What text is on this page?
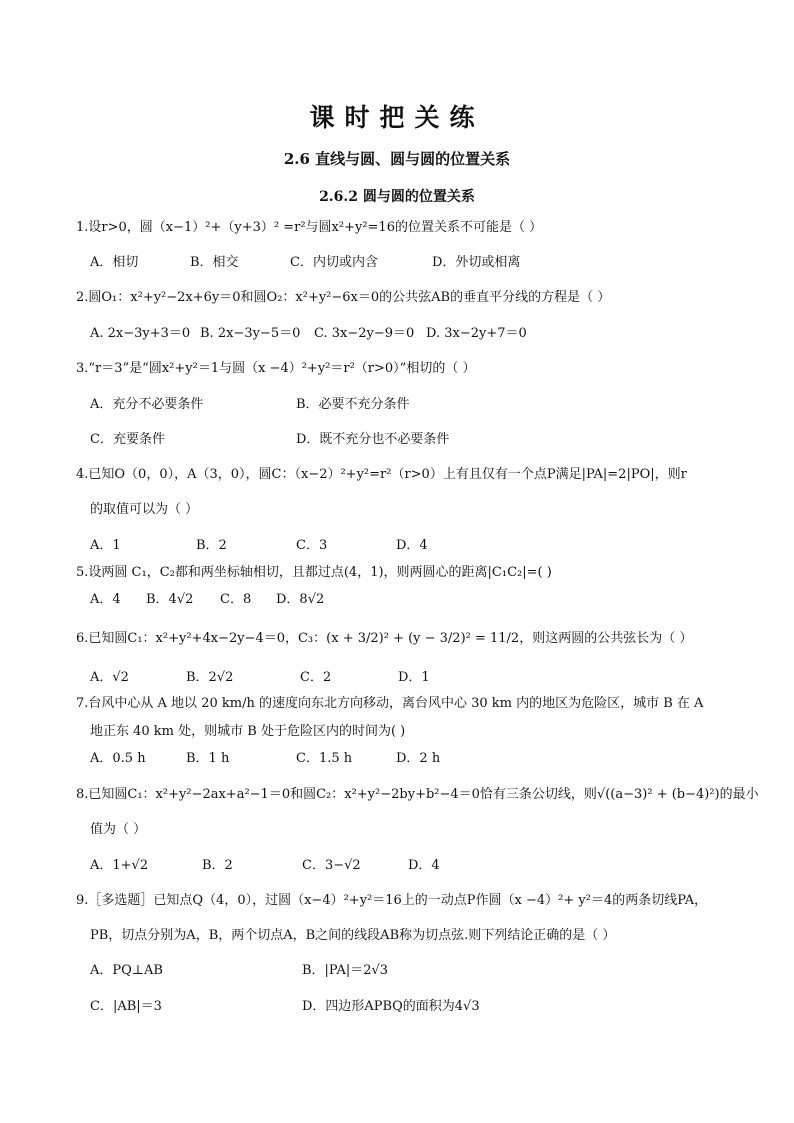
课时把关练
2.6 直线与圆、圆与圆的位置关系
2.6.2 圆与圆的位置关系
1.设r>0，圆（x−1）²+（y+3）² =r²与圆x²+y²=16的位置关系不可能是（ ）
A．相切	B．相交	C．内切或内含	D．外切或相离
2.圆O₁：x²+y²−2x+6y＝0和圆O₂：x²+y²−6x＝0的公共弦AB的垂直平分线的方程是（ ）
A. 2x−3y+3＝0 B. 2x−3y−5＝0 C. 3x−2y−9＝0 D. 3x−2y+7＝0
3.“r＝3”是“圆x²+y²＝1与圆（x −4）²+y²＝r²（r>0）”相切的（ ）
A．充分不必要条件	B．必要不充分条件
C．充要条件	D．既不充分也不必要条件
4.已知O（0，0），A（3，0），圆C：（x−2）²+y²=r²（r>0）上有且仅有一个点P满足|PA|=2|PO|，则r
的取值可以为（ ）
A．1	B．2	C．3	D．4
5.设两圆 C₁，C₂都和两坐标轴相切，且都过点(4，1)，则两圆心的距离|C₁C₂|=( )
A．4 B．4√2 C．8 D．8√2
6.已知圆C₁：x²+y²+4x−2y−4＝0，C₃：(x + 3/2)² + (y − 3/2)² = 11/2，则这两圆的公共弦长为（ ）
A．√2	B．2√2	C．2	D．1
7.台风中心从 A 地以 20 km/h 的速度向东北方向移动，离台风中心 30 km 内的地区为危险区，城市 B 在 A
地正东 40 km 处，则城市 B 处于危险区内的时间为( )
A．0.5 h	B．1 h	C．1.5 h	D．2 h
8.已知圆C₁：x²+y²−2ax+a²−1＝0和圆C₂：x²+y²−2by+b²−4＝0恰有三条公切线，则√((a−3)² + (b−4)²)的最小
值为（ ）
A．1+√2	B．2	C．3−√2	D．4
9.［多选题］已知点Q（4，0），过圆（x−4）²+y²＝16上的一动点P作圆（x −4）²+ y²＝4的两条切线PA，
PB，切点分别为A，B，两个切点A，B之间的线段AB称为切点弦.则下列结论正确的是（ ）
A．PQ⊥AB	B．|PA|＝2√3
C．|AB|＝3	D．四边形APBQ的面积为4√3
